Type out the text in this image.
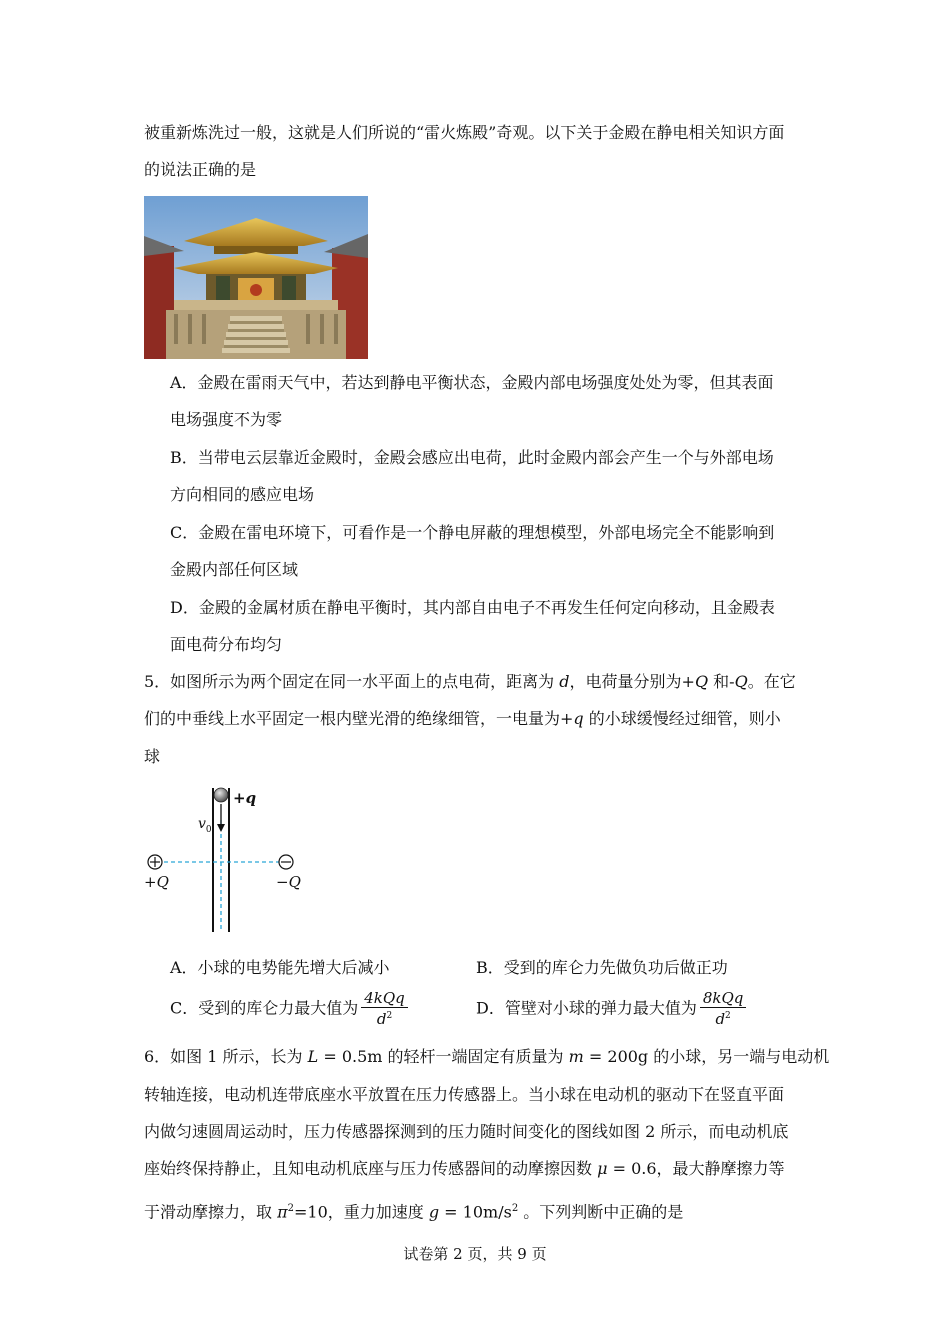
被重新炼洗过一般，这就是人们所说的“雷火炼殿”奇观。以下关于金殿在静电相关知识方面
的说法正确的是
A．金殿在雷雨天气中，若达到静电平衡状态，金殿内部电场强度处处为零，但其表面
电场强度不为零
B．当带电云层靠近金殿时，金殿会感应出电荷，此时金殿内部会产生一个与外部电场
方向相同的感应电场
C．金殿在雷电环境下，可看作是一个静电屏蔽的理想模型，外部电场完全不能影响到
金殿内部任何区域
D．金殿的金属材质在静电平衡时，其内部自由电子不再发生任何定向移动，且金殿表
面电荷分布均匀
5．如图所示为两个固定在同一水平面上的点电荷，距离为 d，电荷量分别为+Q 和-Q。在它
们的中垂线上水平固定一根内壁光滑的绝缘细管，一电量为+q 的小球缓慢经过细管，则小
球
+q
$v_0$
+Q	−Q
A．小球的电势能先增大后减小	B．受到的库仑力先做负功后做正功
C．受到的库仑力最大值为 $\frac{\text{4kQq}}{d^2}$	D．管壁对小球的弹力最大值为 $\frac{\text{8kQq}}{d^2}$
6．如图 1 所示，长为 L = 0.5m 的轻杆一端固定有质量为 m = 200g 的小球，另一端与电动机
转轴连接，电动机连带底座水平放置在压力传感器上。当小球在电动机的驱动下在竖直平面
内做匀速圆周运动时，压力传感器探测到的压力随时间变化的图线如图 2 所示，而电动机底
座始终保持静止，且知电动机底座与压力传感器间的动摩擦因数 μ = 0.6，最大静摩擦力等
于滑动摩擦力，取 $\pi^2=10$，重力加速度 $g = 10m/s^2$ 。下列判断中正确的是
试卷第 2 页，共 9 页
